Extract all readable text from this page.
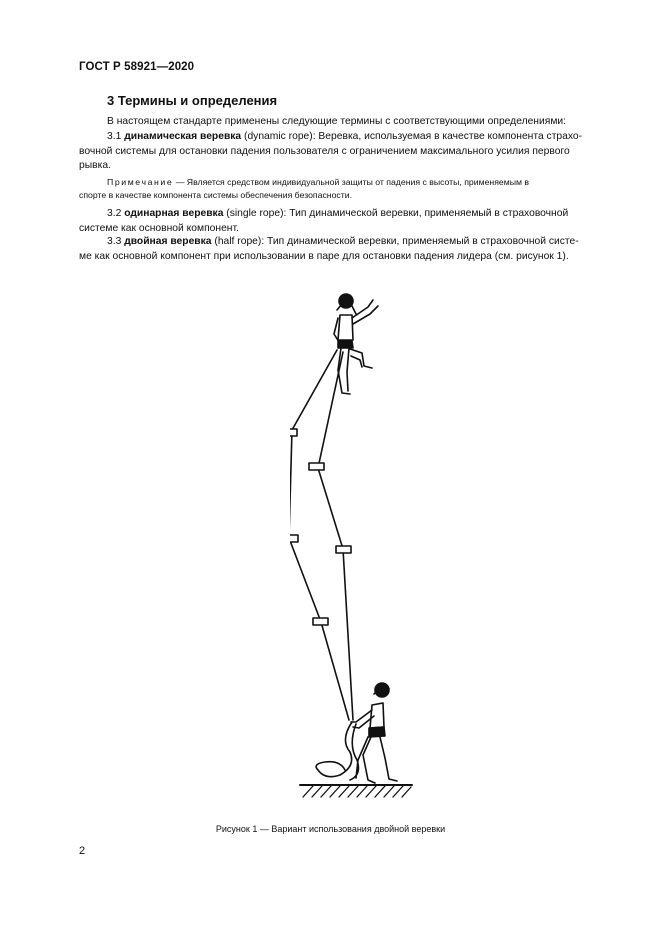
ГОСТ Р 58921—2020
3 Термины и определения
В настоящем стандарте применены следующие термины с соответствующими определениями:
3.1 динамическая веревка (dynamic rope): Веревка, используемая в качестве компонента страхо-
вочной системы для остановки падения пользователя с ограничением максимального усилия первого
рывка.
Примечание — Является средством индивидуальной защиты от падения с высоты, применяемым в
спорте в качестве компонента системы обеспечения безопасности.
3.2 одинарная веревка (single rope): Тип динамической веревки, применяемый в страховочной
системе как основной компонент.
3.3 двойная веревка (half rope): Тип динамической веревки, применяемый в страховочной систе-
ме как основной компонент при использовании в паре для остановки падения лидера (см. рисунок 1).
Рисунок 1 — Вариант использования двойной веревки
2
